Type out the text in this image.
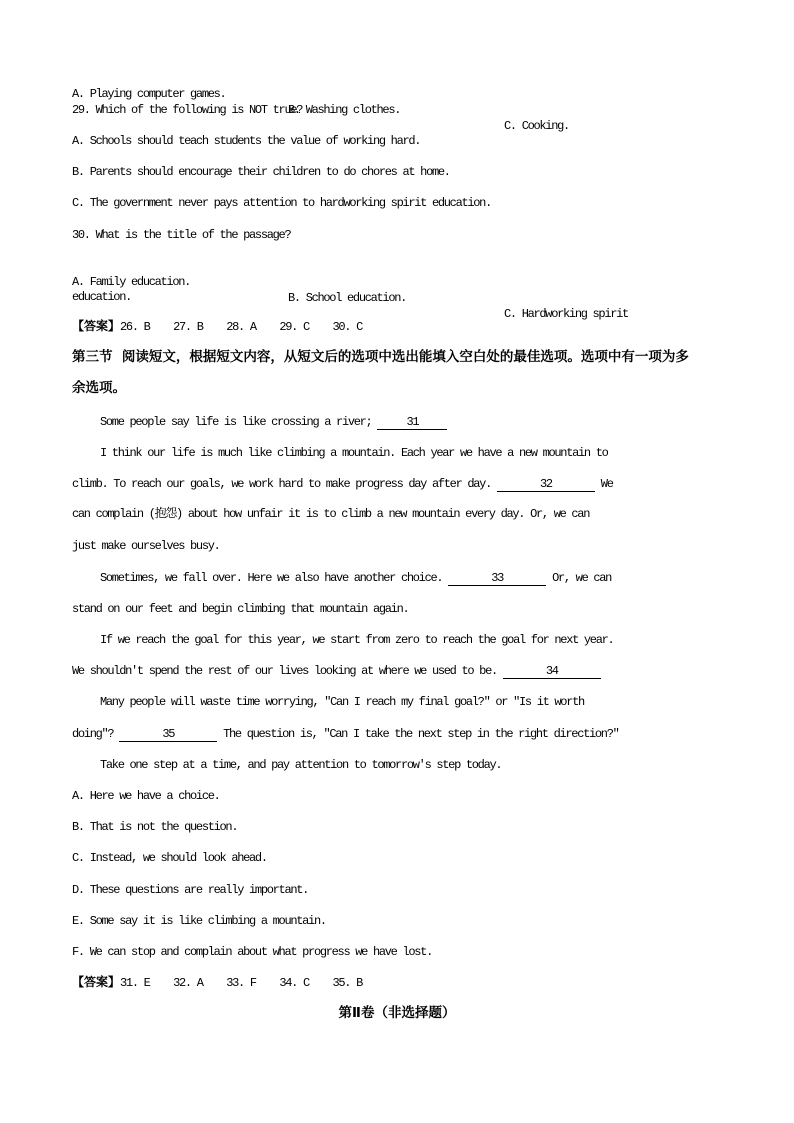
A. Playing computer games.

B. Washing clothes.

C. Cooking.

29. Which of the following is NOT true?
A. Schools should teach students the value of working hard.
B. Parents should encourage their children to do chores at home.
C. The government never pays attention to hardworking spirit education.
30. What is the title of the passage?

A. Family education.

B. School education.

C. Hardworking spirit

education.
【答案】26. B    27. B    28. A    29. C    30. C
第三节  阅读短文，根据短文内容，从短文后的选项中选出能填入空白处的最佳选项。选项中有一项为多
余选项。
Some people say life is like crossing a river; 31
I think our life is much like climbing a mountain. Each year we have a new mountain to
climb. To reach our goals, we work hard to make progress day after day.	32	We
can complain (抱怨) about how unfair it is to climb a new mountain every day. Or, we can
just make ourselves busy.
Sometimes, we fall over. Here we also have another choice.	33	Or, we can
stand on our feet and begin climbing that mountain again.
If we reach the goal for this year, we start from zero to reach the goal for next year.
We shouldn't spend the rest of our lives looking at where we used to be.	34
Many people will waste time worrying, ″Can I reach my final goal?″ or ″Is it worth
doing″?	35	The question is, ″Can I take the next step in the right direction?″
Take one step at a time, and pay attention to tomorrow's step today.
A. Here we have a choice.
B. That is not the question.
C. Instead, we should look ahead.
D. These questions are really important.
E. Some say it is like climbing a mountain.
F. We can stop and complain about what progress we have lost.
【答案】31. E    32. A    33. F    34. C    35. B
第Ⅱ卷（非选择题）
